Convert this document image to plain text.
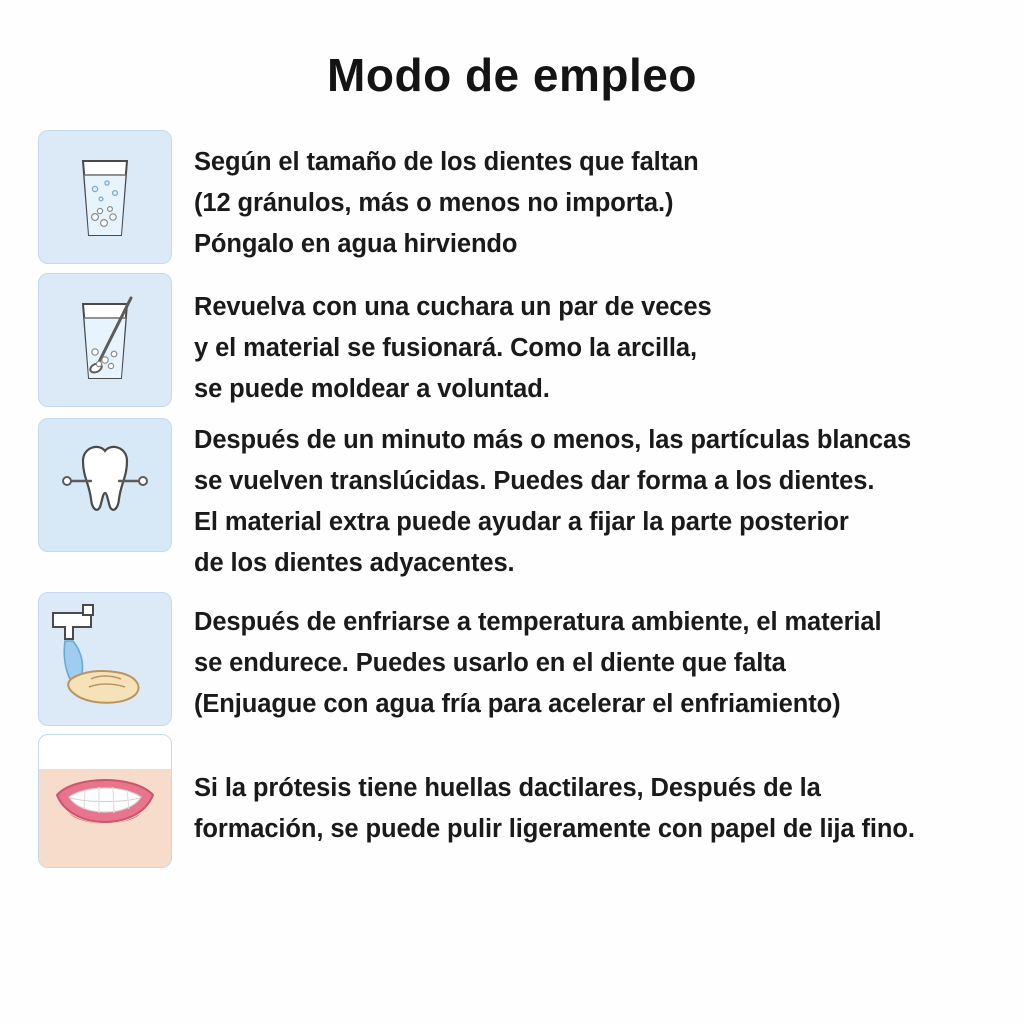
Modo de empleo
Según el tamaño de los dientes que faltan
(12 gránulos, más o menos no importa.)
Póngalo en agua hirviendo
Revuelva con una cuchara un par de veces
y el material se fusionará. Como la arcilla,
se puede moldear a voluntad.
Después de un minuto más o menos, las partículas blancas
se vuelven translúcidas. Puedes dar forma a los dientes.
El material extra puede ayudar a fijar la parte posterior
de los dientes adyacentes.
Después de enfriarse a temperatura ambiente, el material
se endurece. Puedes usarlo en el diente que falta
(Enjuague con agua fría para acelerar el enfriamiento)
Si la prótesis tiene huellas dactilares, Después de la
formación, se puede pulir ligeramente con papel de lija fino.
